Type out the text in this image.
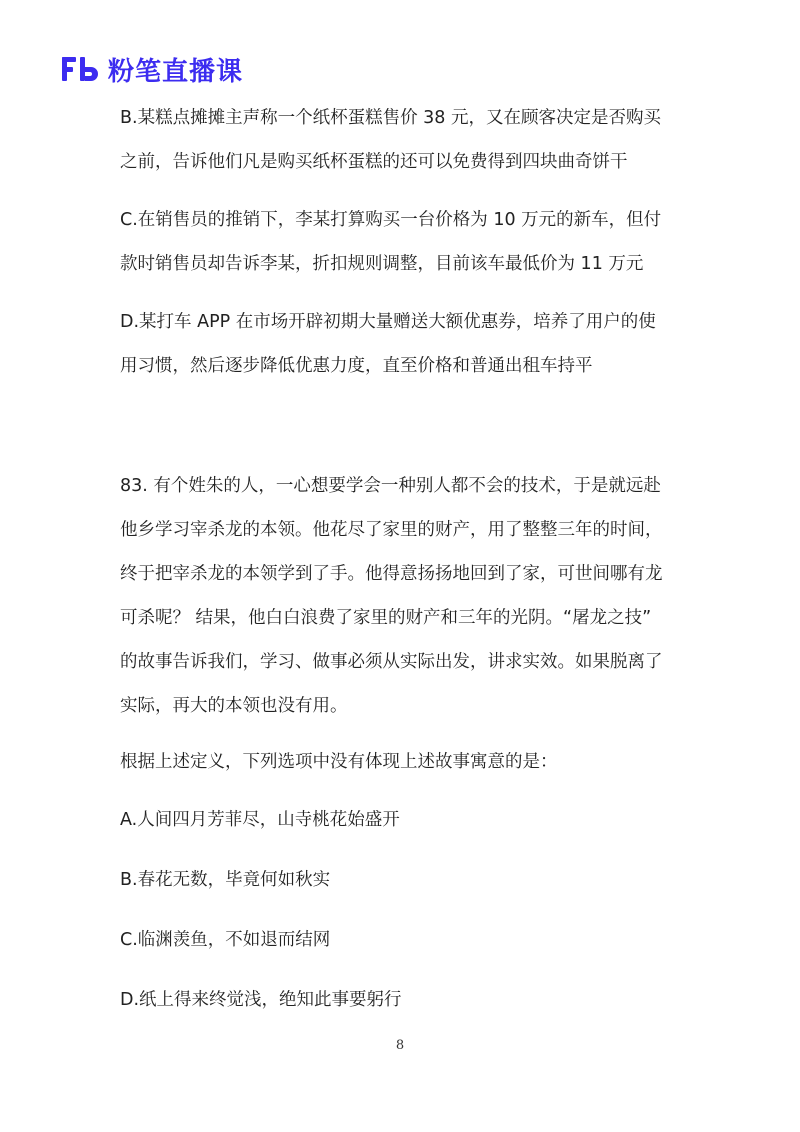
粉笔直播课
B.某糕点摊摊主声称一个纸杯蛋糕售价 38 元，又在顾客决定是否购买
之前，告诉他们凡是购买纸杯蛋糕的还可以免费得到四块曲奇饼干
C.在销售员的推销下，李某打算购买一台价格为 10 万元的新车，但付
款时销售员却告诉李某，折扣规则调整，目前该车最低价为 11 万元
D.某打车 APP 在市场开辟初期大量赠送大额优惠券，培养了用户的使
用习惯，然后逐步降低优惠力度，直至价格和普通出租车持平
83. 有个姓朱的人，一心想要学会一种别人都不会的技术，于是就远赴
他乡学习宰杀龙的本领。他花尽了家里的财产，用了整整三年的时间，
终于把宰杀龙的本领学到了手。他得意扬扬地回到了家，可世间哪有龙
可杀呢？ 结果，他白白浪费了家里的财产和三年的光阴。“屠龙之技”
的故事告诉我们，学习、做事必须从实际出发，讲求实效。如果脱离了
实际，再大的本领也没有用。
根据上述定义，下列选项中没有体现上述故事寓意的是：
A.人间四月芳菲尽，山寺桃花始盛开
B.春花无数，毕竟何如秋实
C.临渊羡鱼，不如退而结网
D.纸上得来终觉浅，绝知此事要躬行
8
